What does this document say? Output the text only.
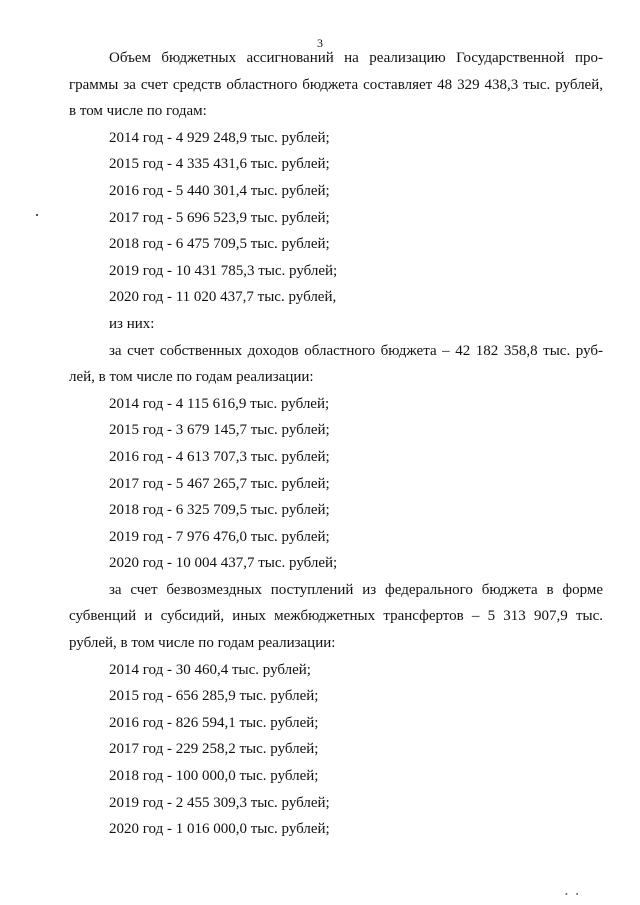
3
Объем бюджетных ассигнований на реализацию Государственной про-
граммы за счет средств областного бюджета составляет 48 329 438,3 тыс. рублей,
в том числе по годам:
2014 год - 4 929 248,9 тыс. рублей;
2015 год - 4 335 431,6 тыс. рублей;
2016 год - 5 440 301,4 тыс. рублей;
2017 год - 5 696 523,9 тыс. рублей;
2018 год - 6 475 709,5 тыс. рублей;
2019 год - 10 431 785,3 тыс. рублей;
2020 год - 11 020 437,7 тыс. рублей,
из них:
за счет собственных доходов областного бюджета – 42 182 358,8 тыс. руб-
лей, в том числе по годам реализации:
2014 год - 4 115 616,9 тыс. рублей;
2015 год - 3 679 145,7 тыс. рублей;
2016 год - 4 613 707,3 тыс. рублей;
2017 год - 5 467 265,7 тыс. рублей;
2018 год - 6 325 709,5 тыс. рублей;
2019 год - 7 976 476,0 тыс. рублей;
2020 год - 10 004 437,7 тыс. рублей;
за счет безвозмездных поступлений из федерального бюджета в форме
субвенций и субсидий, иных межбюджетных трансфертов – 5 313 907,9 тыс.
рублей, в том числе по годам реализации:
2014 год - 30 460,4 тыс. рублей;
2015 год - 656 285,9 тыс. рублей;
2016 год - 826 594,1 тыс. рублей;
2017 год - 229 258,2 тыс. рублей;
2018 год - 100 000,0 тыс. рублей;
2019 год - 2 455 309,3 тыс. рублей;
2020 год - 1 016 000,0 тыс. рублей;
••
